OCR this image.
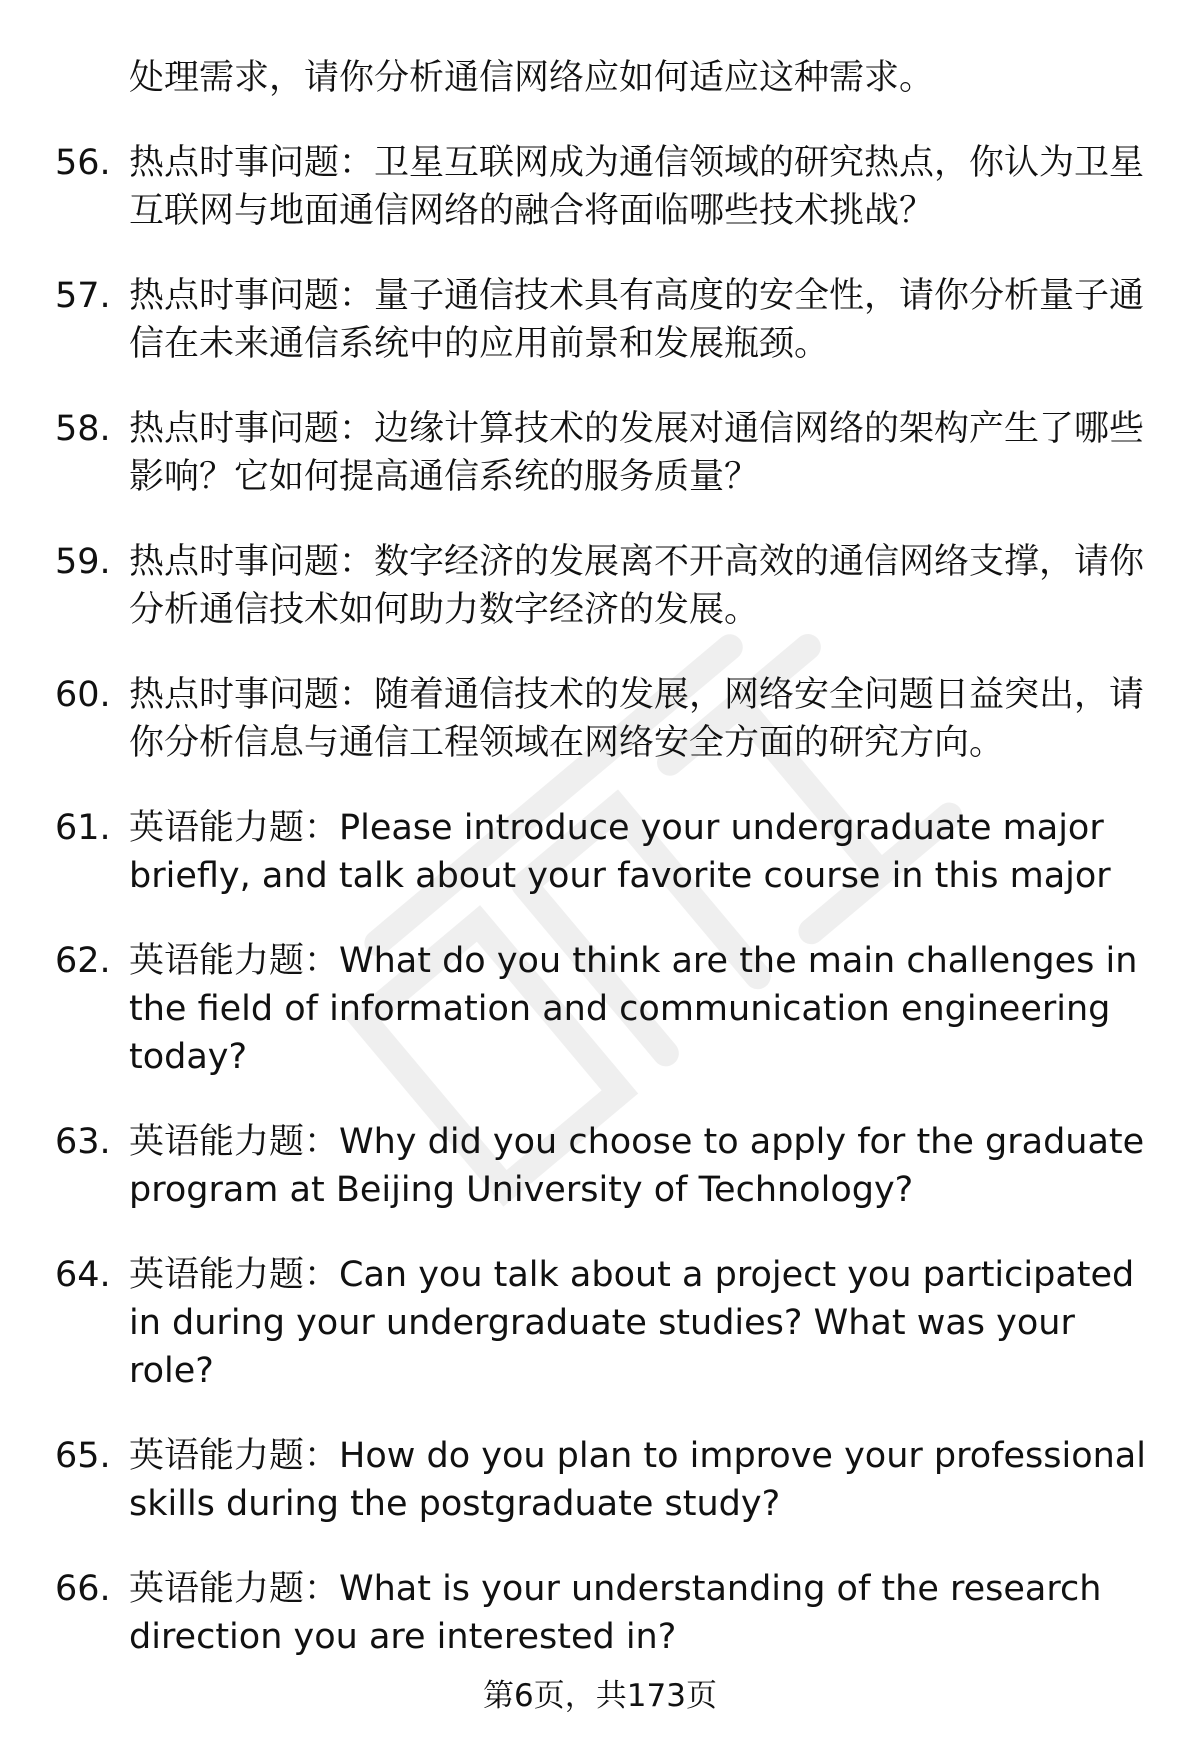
处理需求，请你分析通信网络应如何适应这种需求。
56. 热点时事问题：卫星互联网成为通信领域的研究热点，你认为卫星互联网与地面通信网络的融合将面临哪些技术挑战？
57. 热点时事问题：量子通信技术具有高度的安全性，请你分析量子通信在未来通信系统中的应用前景和发展瓶颈。
58. 热点时事问题：边缘计算技术的发展对通信网络的架构产生了哪些影响？它如何提高通信系统的服务质量？
59. 热点时事问题：数字经济的发展离不开高效的通信网络支撑，请你分析通信技术如何助力数字经济的发展。
60. 热点时事问题：随着通信技术的发展，网络安全问题日益突出，请你分析信息与通信工程领域在网络安全方面的研究方向。
61. 英语能力题：Please introduce your undergraduate major briefly, and talk about your favorite course in this major
62. 英语能力题：What do you think are the main challenges in the field of information and communication engineering today?
63. 英语能力题：Why did you choose to apply for the graduate program at Beijing University of Technology?
64. 英语能力题：Can you talk about a project you participated in during your undergraduate studies? What was your role?
65. 英语能力题：How do you plan to improve your professional skills during the postgraduate study?
66. 英语能力题：What is your understanding of the research direction you are interested in?
第6页，共173页
